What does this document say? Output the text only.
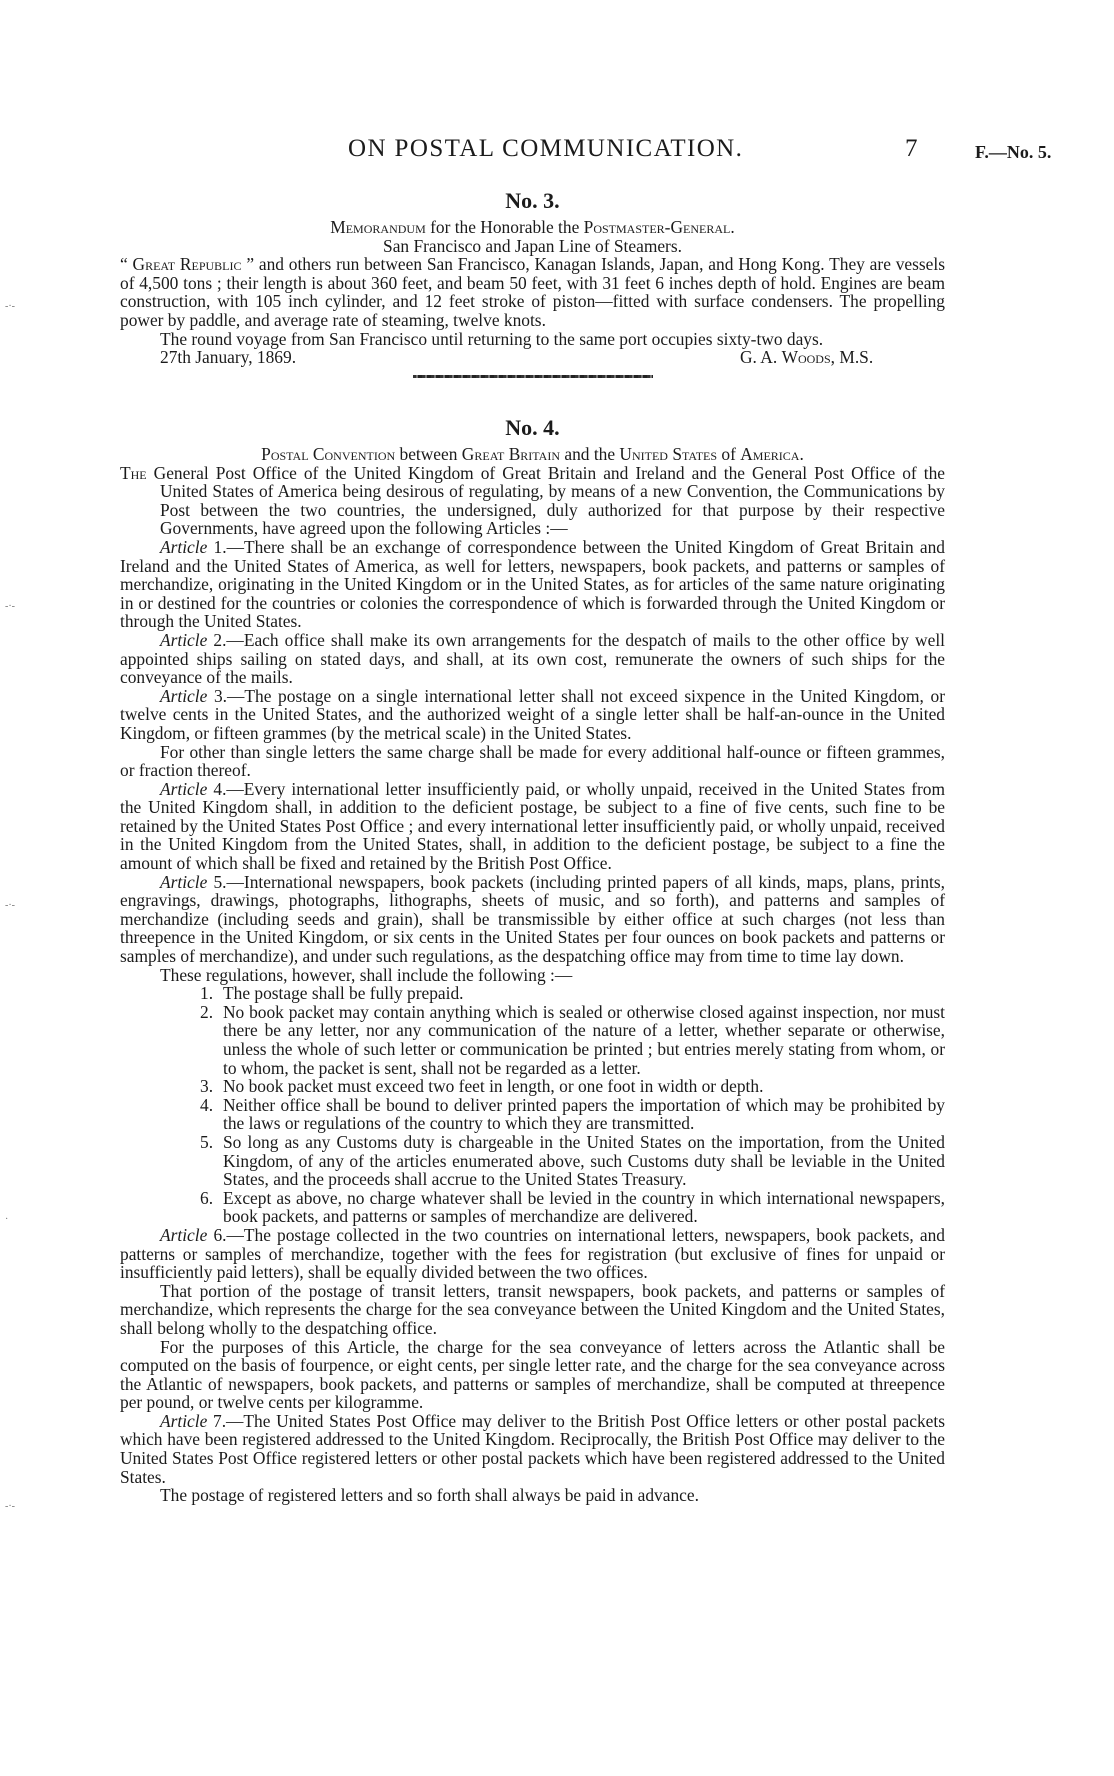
ON POSTAL COMMUNICATION.	7	F.—No. 5.
-·-
-·-
-·-
·
-·-
No. 3.

Memorandum for the Honorable the Postmaster-General.

San Francisco and Japan Line of Steamers.

“ Great Republic ” and others run between San Francisco, Kanagan Islands, Japan, and Hong Kong. They are vessels of 4,500 tons ; their length is about 360 feet, and beam 50 feet, with 31 feet 6 inches depth of hold. Engines are beam construction, with 105 inch cylinder, and 12 feet stroke of piston—fitted with surface condensers. The propelling power by paddle, and average rate of steaming, twelve knots.

The round voyage from San Francisco until returning to the same port occupies sixty-two days.

27th January, 1869.	G. A. Woods, M.S.
No. 4.

Postal Convention between Great Britain and the United States of America.

The General Post Office of the United Kingdom of Great Britain and Ireland and the General Post Office of the United States of America being desirous of regulating, by means of a new Convention, the Communications by Post between the two countries, the undersigned, duly authorized for that purpose by their respective Governments, have agreed upon the following Articles :—

Article 1.—There shall be an exchange of correspondence between the United Kingdom of Great Britain and Ireland and the United States of America, as well for letters, newspapers, book packets, and patterns or samples of merchandize, originating in the United Kingdom or in the United States, as for articles of the same nature originating in or destined for the countries or colonies the correspondence of which is forwarded through the United Kingdom or through the United States.

Article 2.—Each office shall make its own arrangements for the despatch of mails to the other office by well appointed ships sailing on stated days, and shall, at its own cost, remunerate the owners of such ships for the conveyance of the mails.

Article 3.—The postage on a single international letter shall not exceed sixpence in the United Kingdom, or twelve cents in the United States, and the authorized weight of a single letter shall be half-an-ounce in the United Kingdom, or fifteen grammes (by the metrical scale) in the United States.

For other than single letters the same charge shall be made for every additional half-ounce or fifteen grammes, or fraction thereof.

Article 4.—Every international letter insufficiently paid, or wholly unpaid, received in the United States from the United Kingdom shall, in addition to the deficient postage, be subject to a fine of five cents, such fine to be retained by the United States Post Office ; and every international letter insufficiently paid, or wholly unpaid, received in the United Kingdom from the United States, shall, in addition to the deficient postage, be subject to a fine the amount of which shall be fixed and retained by the British Post Office.

Article 5.—International newspapers, book packets (including printed papers of all kinds, maps, plans, prints, engravings, drawings, photographs, lithographs, sheets of music, and so forth), and patterns and samples of merchandize (including seeds and grain), shall be transmissible by either office at such charges (not less than threepence in the United Kingdom, or six cents in the United States per four ounces on book packets and patterns or samples of merchandize), and under such regulations, as the despatching office may from time to time lay down.

These regulations, however, shall include the following :—

1. The postage shall be fully prepaid.
2. No book packet may contain anything which is sealed or otherwise closed against inspection, nor must there be any letter, nor any communication of the nature of a letter, whether separate or otherwise, unless the whole of such letter or communication be printed ; but entries merely stating from whom, or to whom, the packet is sent, shall not be regarded as a letter.
3. No book packet must exceed two feet in length, or one foot in width or depth.
4. Neither office shall be bound to deliver printed papers the importation of which may be prohibited by the laws or regulations of the country to which they are transmitted.
5. So long as any Customs duty is chargeable in the United States on the importation, from the United Kingdom, of any of the articles enumerated above, such Customs duty shall be leviable in the United States, and the proceeds shall accrue to the United States Treasury.
6. Except as above, no charge whatever shall be levied in the country in which international newspapers, book packets, and patterns or samples of merchandize are delivered.

Article 6.—The postage collected in the two countries on international letters, newspapers, book packets, and patterns or samples of merchandize, together with the fees for registration (but exclusive of fines for unpaid or insufficiently paid letters), shall be equally divided between the two offices.

That portion of the postage of transit letters, transit newspapers, book packets, and patterns or samples of merchandize, which represents the charge for the sea conveyance between the United Kingdom and the United States, shall belong wholly to the despatching office.

For the purposes of this Article, the charge for the sea conveyance of letters across the Atlantic shall be computed on the basis of fourpence, or eight cents, per single letter rate, and the charge for the sea conveyance across the Atlantic of newspapers, book packets, and patterns or samples of merchandize, shall be computed at threepence per pound, or twelve cents per kilogramme.

Article 7.—The United States Post Office may deliver to the British Post Office letters or other postal packets which have been registered addressed to the United Kingdom. Reciprocally, the British Post Office may deliver to the United States Post Office registered letters or other postal packets which have been registered addressed to the United States.

The postage of registered letters and so forth shall always be paid in advance.
